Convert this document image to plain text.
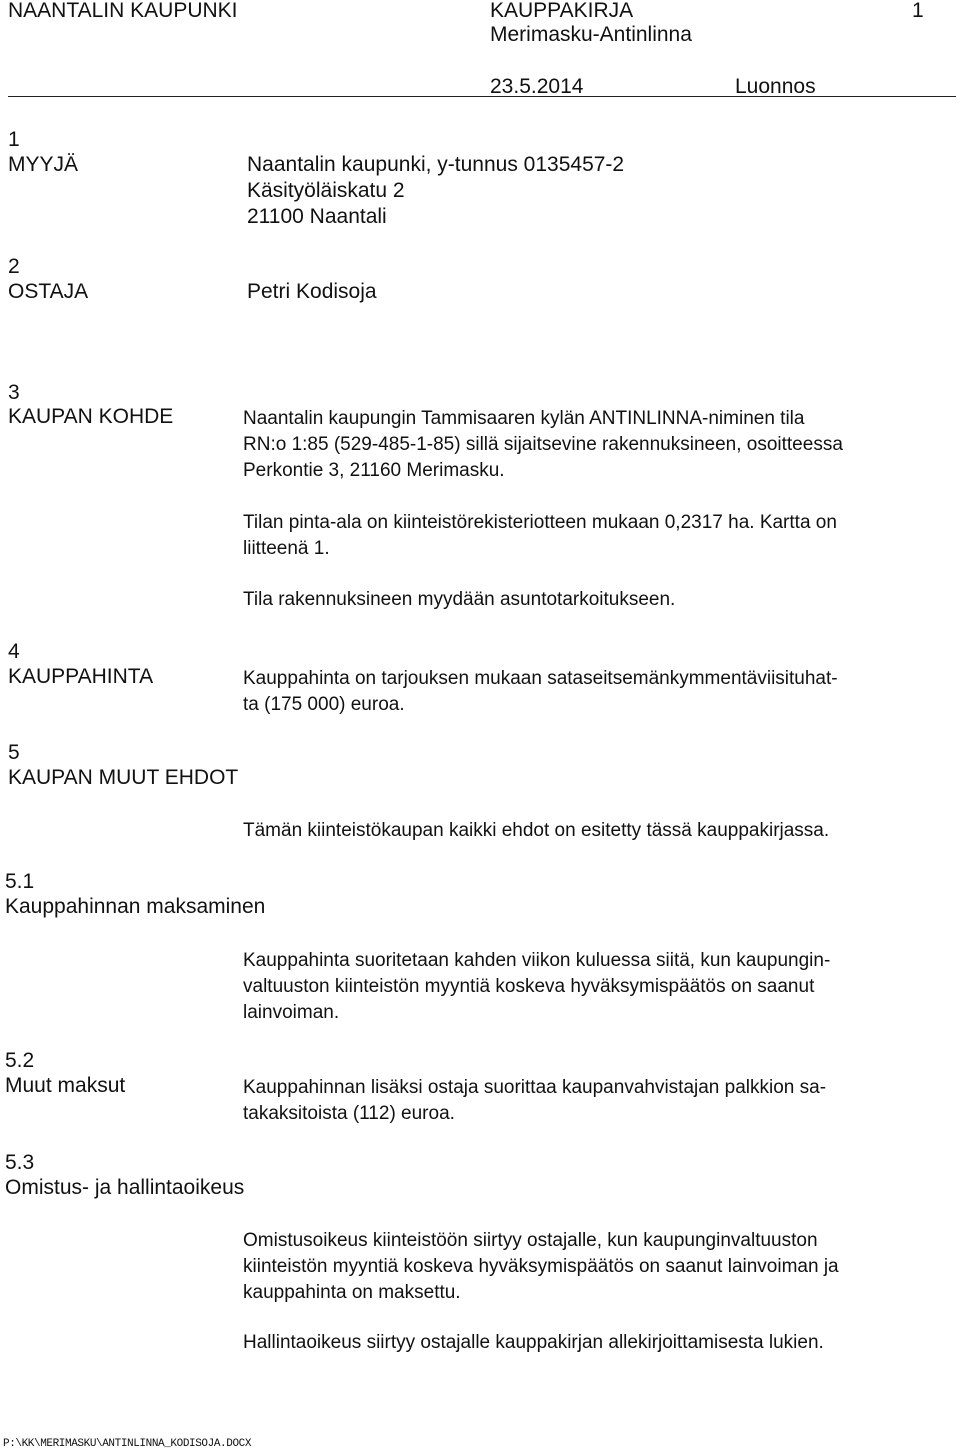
NAANTALIN KAUPUNKI	KAUPPAKIRJA	1
Merimasku-Antinlinna
23.5.2014	Luonnos
1
MYYJÄ	Naantalin kaupunki, y-tunnus 0135457-2
Käsityöläiskatu 2
21100 Naantali
2
OSTAJA	Petri Kodisoja
3
KAUPAN KOHDE	Naantalin kaupungin Tammisaaren kylän ANTINLINNA-niminen tila
RN:o 1:85 (529-485-1-85) sillä sijaitsevine rakennuksineen, osoitteessa
Perkontie 3, 21160 Merimasku.
Tilan pinta-ala on kiinteistörekisteriotteen mukaan 0,2317 ha. Kartta on
liitteenä 1.
Tila rakennuksineen myydään asuntotarkoitukseen.
4
KAUPPAHINTA	Kauppahinta on tarjouksen mukaan sataseitsemänkymmentäviisituhat-
ta (175 000) euroa.
5
KAUPAN MUUT EHDOT
Tämän kiinteistökaupan kaikki ehdot on esitetty tässä kauppakirjassa.
5.1
Kauppahinnan maksaminen
Kauppahinta suoritetaan kahden viikon kuluessa siitä, kun kaupungin-
valtuuston kiinteistön myyntiä koskeva hyväksymispäätös on saanut
lainvoiman.
5.2
Muut maksut	Kauppahinnan lisäksi ostaja suorittaa kaupanvahvistajan palkkion sa-
takaksitoista (112) euroa.
5.3
Omistus- ja hallintaoikeus
Omistusoikeus kiinteistöön siirtyy ostajalle, kun kaupunginvaltuuston
kiinteistön myyntiä koskeva hyväksymispäätös on saanut lainvoiman ja
kauppahinta on maksettu.
Hallintaoikeus siirtyy ostajalle kauppakirjan allekirjoittamisesta lukien.
P:\KK\MERIMASKU\ANTINLINNA_KODISOJA.DOCX
